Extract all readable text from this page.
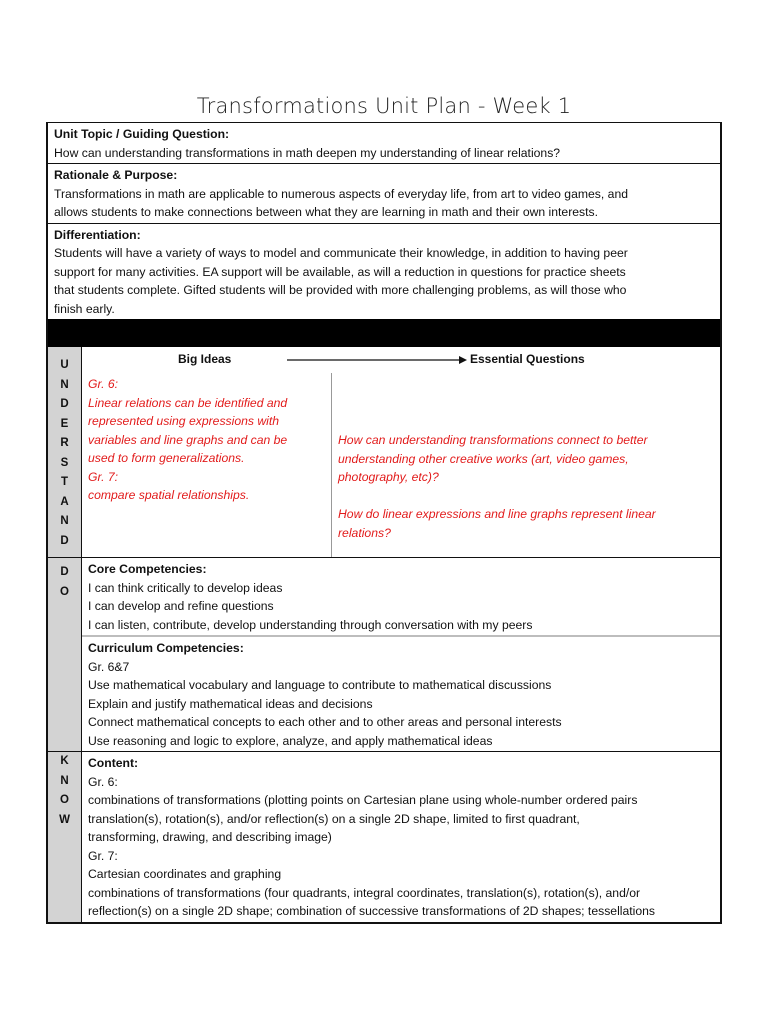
Transformations Unit Plan - Week 1
Unit Topic / Guiding Question:
How can understanding transformations in math deepen my understanding of linear relations?
Rationale & Purpose:
Transformations in math are applicable to numerous aspects of everyday life, from art to video games, and
allows students to make connections between what they are learning in math and their own interests.
Differentiation:
Students will have a variety of ways to model and communicate their knowledge, in addition to having peer
support for many activities. EA support will be available, as will a reduction in questions for practice sheets
that students complete. Gifted students will be provided with more challenging problems, as will those who
finish early.
U
N
D
E
R
S
T
A
N
D
Big Ideas	Essential Questions
Gr. 6:
Linear relations can be identified and
represented using expressions with
variables and line graphs and can be
used to form generalizations.
Gr. 7:
compare spatial relationships.

How can understanding transformations connect to better
understanding other creative works (art, video games,
photography, etc)?

How do linear expressions and line graphs represent linear
relations?

D
O
Core Competencies:
I can think critically to develop ideas
I can develop and refine questions
I can listen, contribute, develop understanding through conversation with my peers
Curriculum Competencies:
Gr. 6&7
Use mathematical vocabulary and language to contribute to mathematical discussions
Explain and justify mathematical ideas and decisions
Connect mathematical concepts to each other and to other areas and personal interests
Use reasoning and logic to explore, analyze, and apply mathematical ideas
K
N
O
W
Content:
Gr. 6:
combinations of transformations (plotting points on Cartesian plane using whole-number ordered pairs
translation(s), rotation(s), and/or reflection(s) on a single 2D shape, limited to first quadrant,
transforming, drawing, and describing image)
Gr. 7:
Cartesian coordinates and graphing
combinations of transformations (four quadrants, integral coordinates, translation(s), rotation(s), and/or
reflection(s) on a single 2D shape; combination of successive transformations of 2D shapes; tessellations
